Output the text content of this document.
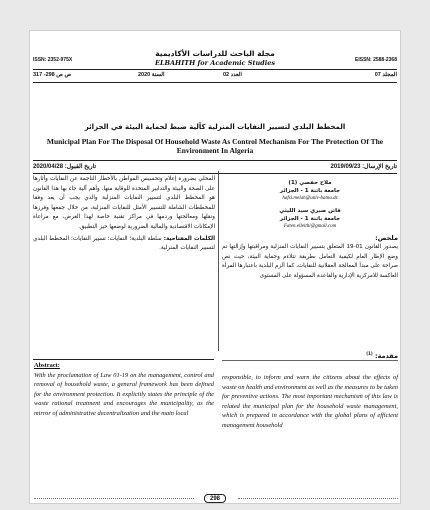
مجلة الباحث للدراسات الأكاديمية
ISSN: 2352-975X	EISSN: 2588-2368
ELBAHITH for Academic Studies
ص ص 298- 317	السنة 2020	العدد 02	المجلد 07
المخطط البلدي لتسيير النفايات المنزلية كآلية ضبط لحماية البيئة في الجزائر
Municipal Plan For The Disposal Of Household Waste As Control Mechanism For The Protection Of The Environment In Algeria
تاريخ القبول: 2020/04/28	تاريخ الإرسال: 2019/09/23
ملاح حفصي (1)
جامعة باتنة 1 - الجزائر
hafsi.melah@univ-batna.dz
فاتن صبري سيد الليثي
جامعة باتنة 1 - الجزائر
Faten.elleithi@gmail.com
ملخص:
يصدور القانون 01-19 المتعلق بتسيير النفايات المنزلية ومراقبتها وإزالتها تم وضع الإطار العام لكيفية التعامل بطريقة تتلاءم وحماية البيئة، حيث نص صراحة على مبدأ المعالجة العقلانية للنفايات، كما ألزم البلدية باعتبارها المرأة العاكسة للامركزية الإدارية والقاعدة المسؤولة على المستوى
المحلي بضرورة إعلام وتحسيس المواطن بالأخطار الناجمة عن النفايات وآثارها على الصحة والبيئة والتدابير المتخذة للوقاية منها. وأهم آلية جاء بها هذا القانون هو المخطط البلدي لتسيير النفايات المنزلية والذي يجب أن يعد وفقا للمخططات الشاملة للتسيير الأمثل للنفايات المنزلية، من خلال جمعها وفرزها ونقلها ومعالجتها وردمها في مراكز تقنية خاصة لهذا الغرض، مع مراعاة الإمكانات الاقتصادية والمالية الضرورية لوضعها حيز التطبيق.
الكلمات المفتاحية: سلطة البلدية؛ النفايات؛ تسيير النفايات؛ المخطط البلدي لتسيير النفايات المنزلية.
Abstract:
With the proclamation of Law 01-19 on the management, control and removal of household waste, a general framework has been defined for the environment protection. It explicitly states the principle of the waste rational treatment and encourages the municipality, as the mirror of administrative decentralization and the main local
مقدمة: $^{(1)}$
responsible, to inform and warn the citizens about the effects of waste on health and environment as well as the measures to be taken for preventive actions. The most important mechanism of this law is related the municipal plan for the household waste management, which is prepared in accordance with the global plans of efficient management household
298
